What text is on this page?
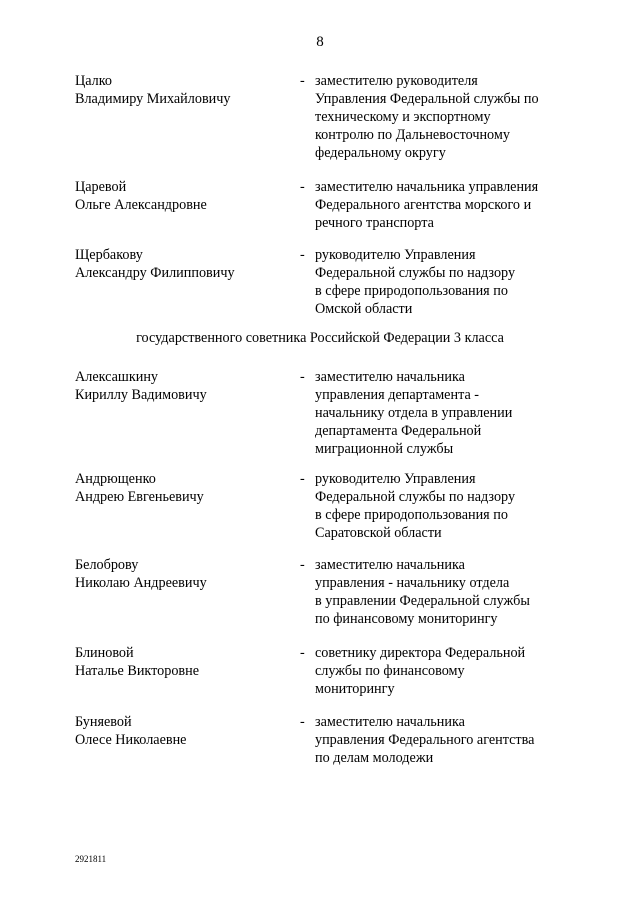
8
Цалко
Владимиру Михайловичу
- заместителю руководителя
Управления Федеральной службы по
техническому и экспортному
контролю по Дальневосточному
федеральному округу
Царевой
Ольге Александровне
- заместителю начальника управления
Федерального агентства морского и
речного транспорта
Щербакову
Александру Филипповичу
- руководителю Управления
Федеральной службы по надзору
в сфере природопользования по
Омской области
государственного советника Российской Федерации 3 класса
Алексашкину
Кириллу Вадимовичу
- заместителю начальника
управления департамента -
начальнику отдела в управлении
департамента Федеральной
миграционной службы
Андрющенко
Андрею Евгеньевичу
- руководителю Управления
Федеральной службы по надзору
в сфере природопользования по
Саратовской области
Белоброву
Николаю Андреевичу
- заместителю начальника
управления - начальнику отдела
в управлении Федеральной службы
по финансовому мониторингу
Блиновой
Наталье Викторовне
- советнику директора Федеральной
службы по финансовому
мониторингу
Буняевой
Олесе Николаевне
- заместителю начальника
управления Федерального агентства
по делам молодежи
2921811
